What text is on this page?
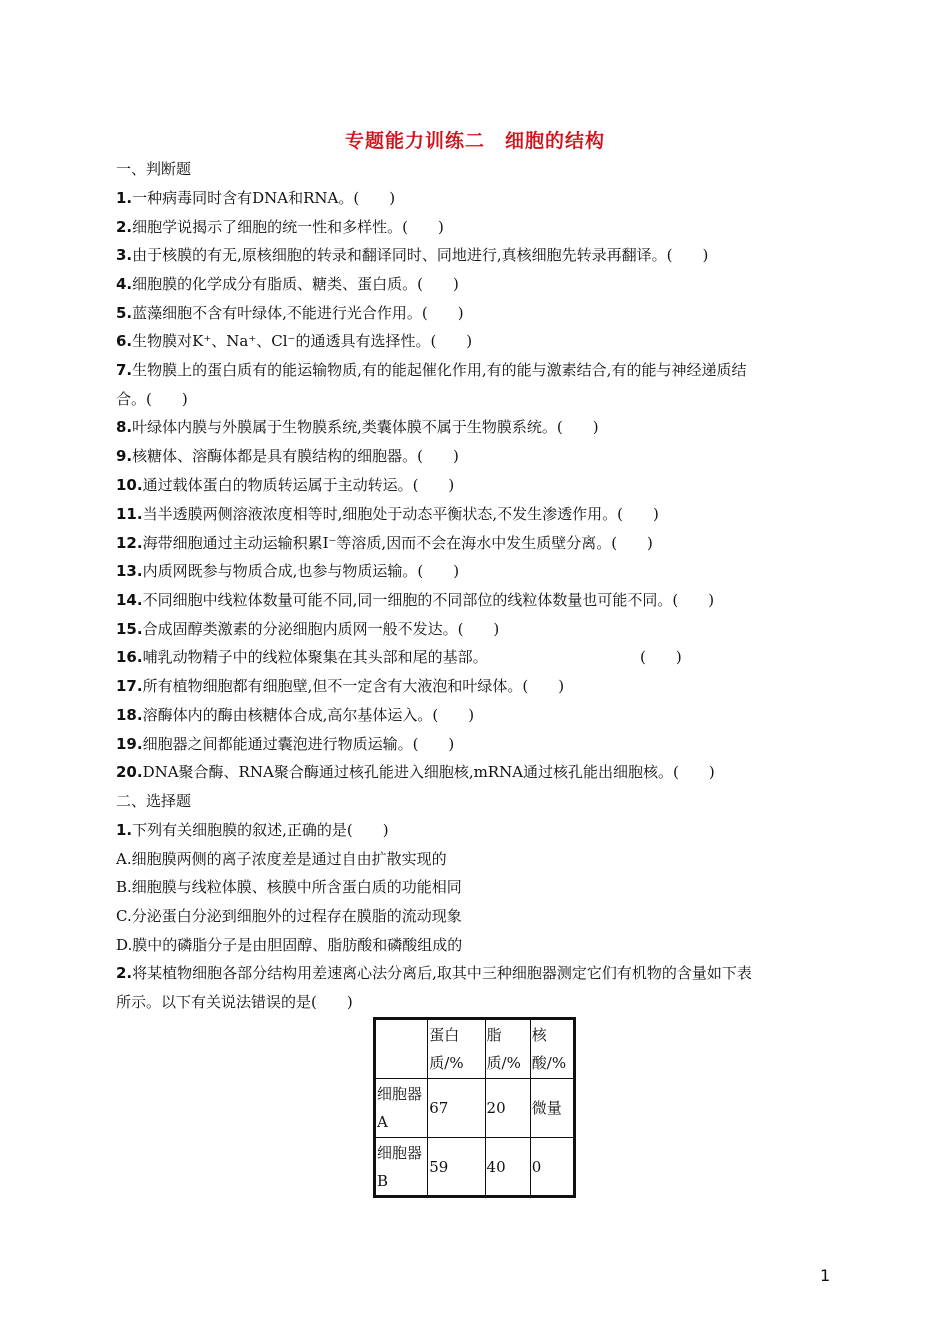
专题能力训练二　细胞的结构
一、判断题
1.一种病毒同时含有DNA和RNA。(　　)
2.细胞学说揭示了细胞的统一性和多样性。(　　)
3.由于核膜的有无,原核细胞的转录和翻译同时、同地进行,真核细胞先转录再翻译。(　　)
4.细胞膜的化学成分有脂质、糖类、蛋白质。(　　)
5.蓝藻细胞不含有叶绿体,不能进行光合作用。(　　)
6.生物膜对K⁺、Na⁺、Cl⁻的通透具有选择性。(　　)
7.生物膜上的蛋白质有的能运输物质,有的能起催化作用,有的能与激素结合,有的能与神经递质结
合。(　　)
8.叶绿体内膜与外膜属于生物膜系统,类囊体膜不属于生物膜系统。(　　)
9.核糖体、溶酶体都是具有膜结构的细胞器。(　　)
10.通过载体蛋白的物质转运属于主动转运。(　　)
11.当半透膜两侧溶液浓度相等时,细胞处于动态平衡状态,不发生渗透作用。(　　)
12.海带细胞通过主动运输积累I⁻等溶质,因而不会在海水中发生质壁分离。(　　)
13.内质网既参与物质合成,也参与物质运输。(　　)
14.不同细胞中线粒体数量可能不同,同一细胞的不同部位的线粒体数量也可能不同。(　　)
15.合成固醇类激素的分泌细胞内质网一般不发达。(　　)
16.哺乳动物精子中的线粒体聚集在其头部和尾的基部。	(　　)
17.所有植物细胞都有细胞壁,但不一定含有大液泡和叶绿体。(　　)
18.溶酶体内的酶由核糖体合成,高尔基体运入。(　　)
19.细胞器之间都能通过囊泡进行物质运输。(　　)
20.DNA聚合酶、RNA聚合酶通过核孔能进入细胞核,mRNA通过核孔能出细胞核。(　　)
二、选择题
1.下列有关细胞膜的叙述,正确的是(　　)
A.细胞膜两侧的离子浓度差是通过自由扩散实现的
B.细胞膜与线粒体膜、核膜中所含蛋白质的功能相同
C.分泌蛋白分泌到细胞外的过程存在膜脂的流动现象
D.膜中的磷脂分子是由胆固醇、脂肪酸和磷酸组成的
2.将某植物细胞各部分结构用差速离心法分离后,取其中三种细胞器测定它们有机物的含量如下表
所示。以下有关说法错误的是(　　)
	蛋白质/%	脂质/%	核酸/%
细胞器A	67	20	微量
细胞器B	59	40	0
1
